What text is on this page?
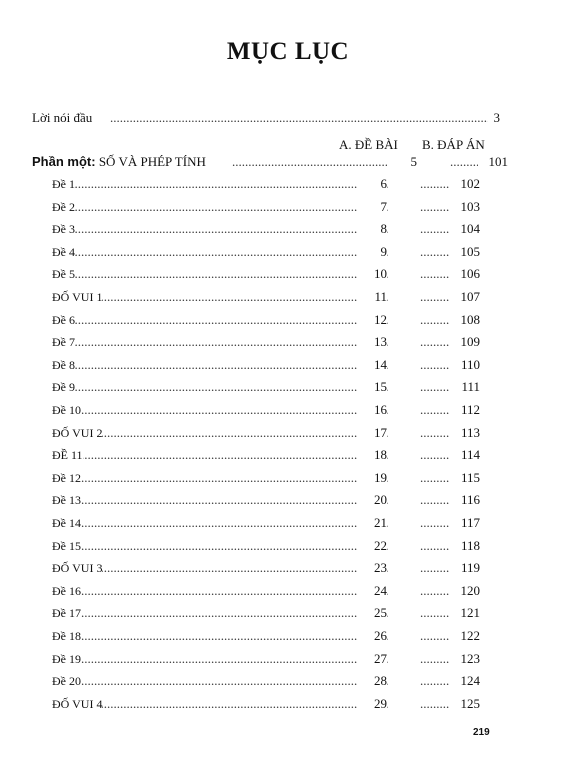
MỤC LỤC
.....
Lời nói đầu	3
A. ĐỀ BÀI B. ĐÁP ÁN
.....
Phần một: SỐ VÀ PHÉP TÍNH	5 .....	101
.....
Đề 1	6 .....	102
.....
Đề 2	7 .....	103
.....
Đề 3	8 .....	104
.....
Đề 4	9 .....	105
.....
Đề 5	10 .....	106
.....
ĐỐ VUI 1	11 .....	107
.....
Đề 6	12 .....	108
.....
Đề 7	13 .....	109
.....
Đề 8	14 .....	110
.....
Đề 9	15 .....	111
.....
Đề 10	16 .....	112
.....
ĐỐ VUI 2	17 .....	113
.....
ĐỀ 11	18 .....	114
.....
Đề 12	19 .....	115
.....
Đề 13	20 .....	116
.....
Đề 14	21 .....	117
.....
Đề 15	22 .....	118
.....
ĐỐ VUI 3	23 .....	119
.....
Đề 16	24 .....	120
.....
Đề 17	25 .....	121
.....
Đề 18	26 .....	122
.....
Đề 19	27 .....	123
.....
Đề 20	28 .....	124
.....
ĐỐ VUI 4	29 .....	125
219
